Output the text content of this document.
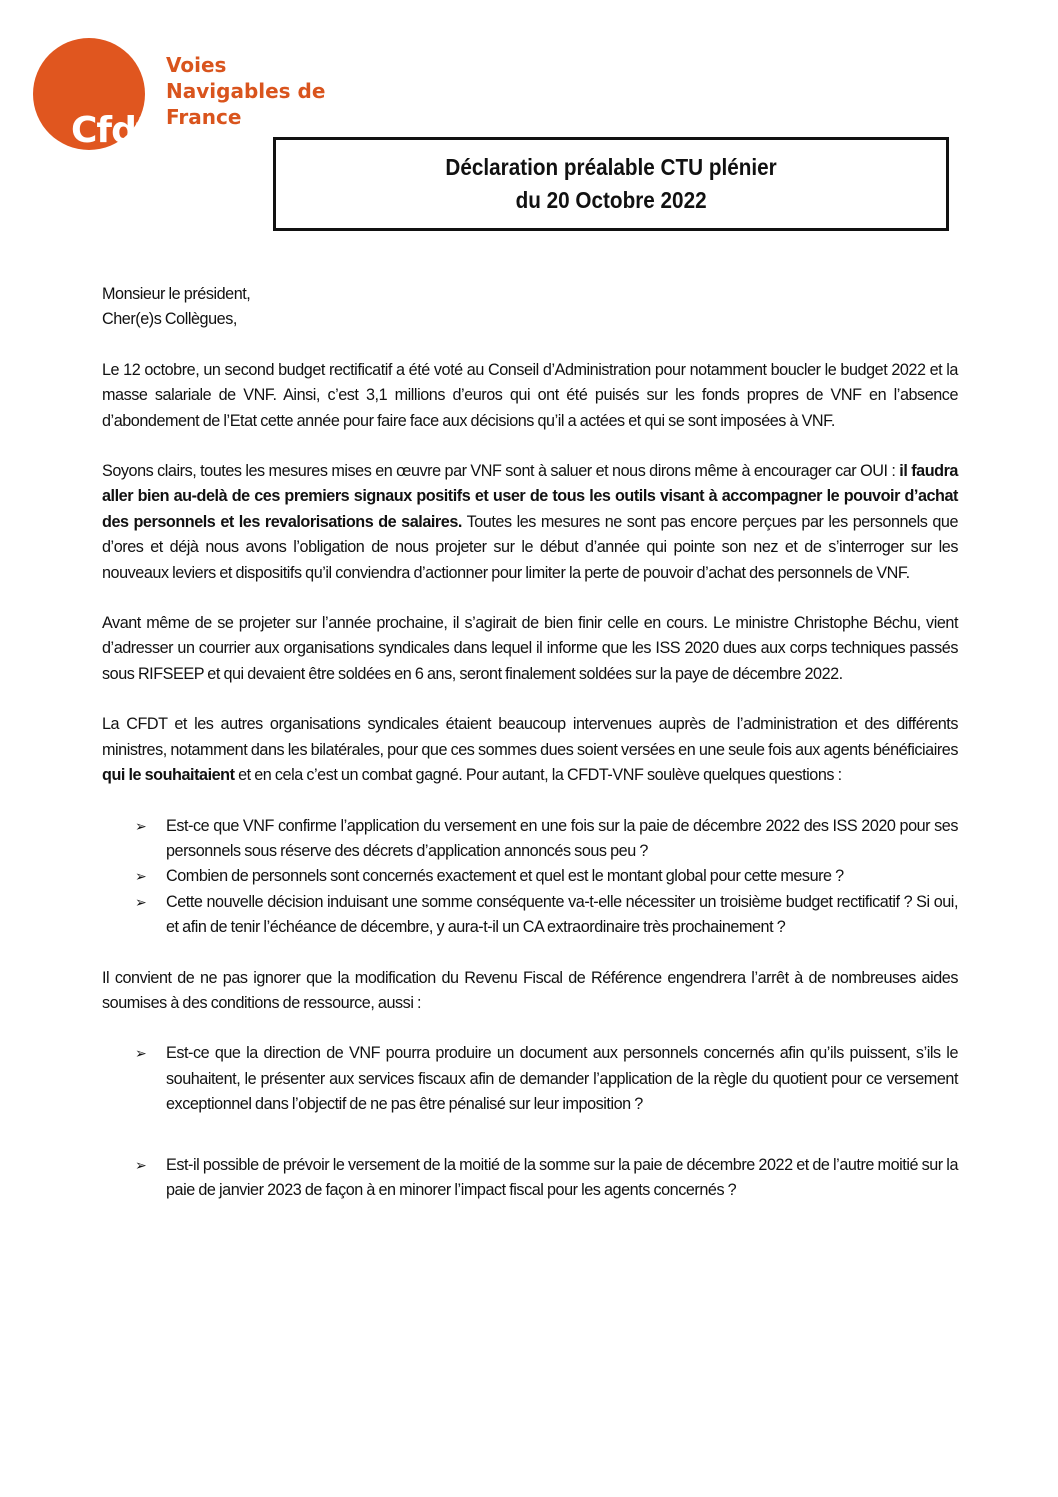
Cfdt:
Voies
Navigables de
France
Déclaration préalable CTU plénier
du 20 Octobre 2022

Monsieur le président,

Cher(e)s Collègues,

Le 12 octobre, un second budget rectificatif a été voté au Conseil d’Administration pour notamment boucler le budget 2022 et la masse salariale de VNF. Ainsi, c’est 3,1 millions d’euros qui ont été puisés sur les fonds propres de VNF en l’absence d’abondement de l’Etat cette année pour faire face aux décisions qu’il a actées et qui se sont imposées à VNF.

Soyons clairs, toutes les mesures mises en œuvre par VNF sont à saluer et nous dirons même à encourager car OUI : il faudra aller bien au-delà de ces premiers signaux positifs et user de tous les outils visant à accompagner le pouvoir d’achat des personnels et les revalorisations de salaires. Toutes les mesures ne sont pas encore perçues par les personnels que d’ores et déjà nous avons l’obligation de nous projeter sur le début d’année qui pointe son nez et de s’interroger sur les nouveaux leviers et dispositifs qu’il conviendra d’actionner pour limiter la perte de pouvoir d’achat des personnels de VNF.

Avant même de se projeter sur l’année prochaine, il s’agirait de bien finir celle en cours. Le ministre Christophe Béchu, vient d’adresser un courrier aux organisations syndicales dans lequel il informe que les ISS 2020 dues aux corps techniques passés sous RIFSEEP et qui devaient être soldées en 6 ans, seront finalement soldées sur la paye de décembre 2022.

La CFDT et les autres organisations syndicales étaient beaucoup intervenues auprès de l’administration et des différents ministres, notamment dans les bilatérales, pour que ces sommes dues soient versées en une seule fois aux agents bénéficiaires qui le souhaitaient et en cela c’est un combat gagné. Pour autant, la CFDT-VNF soulève quelques questions :

➢ Est-ce que VNF confirme l’application du versement en une fois sur la paie de décembre 2022 des ISS 2020 pour ses personnels sous réserve des décrets d’application annoncés sous peu ?
➢ Combien de personnels sont concernés exactement et quel est le montant global pour cette mesure ?
➢ Cette nouvelle décision induisant une somme conséquente va-t-elle nécessiter un troisième budget rectificatif ? Si oui, et afin de tenir l’échéance de décembre, y aura-t-il un CA extraordinaire très prochainement ?

Il convient de ne pas ignorer que la modification du Revenu Fiscal de Référence engendrera l’arrêt à de nombreuses aides soumises à des conditions de ressource, aussi :

➢ Est-ce que la direction de VNF pourra produire un document aux personnels concernés afin qu’ils puissent, s’ils le souhaitent, le présenter aux services fiscaux afin de demander l’application de la règle du quotient pour ce versement exceptionnel dans l’objectif de ne pas être pénalisé sur leur imposition ?
➢ Est-il possible de prévoir le versement de la moitié de la somme sur la paie de décembre 2022 et de l’autre moitié sur la paie de janvier 2023 de façon à en minorer l’impact fiscal pour les agents concernés ?
